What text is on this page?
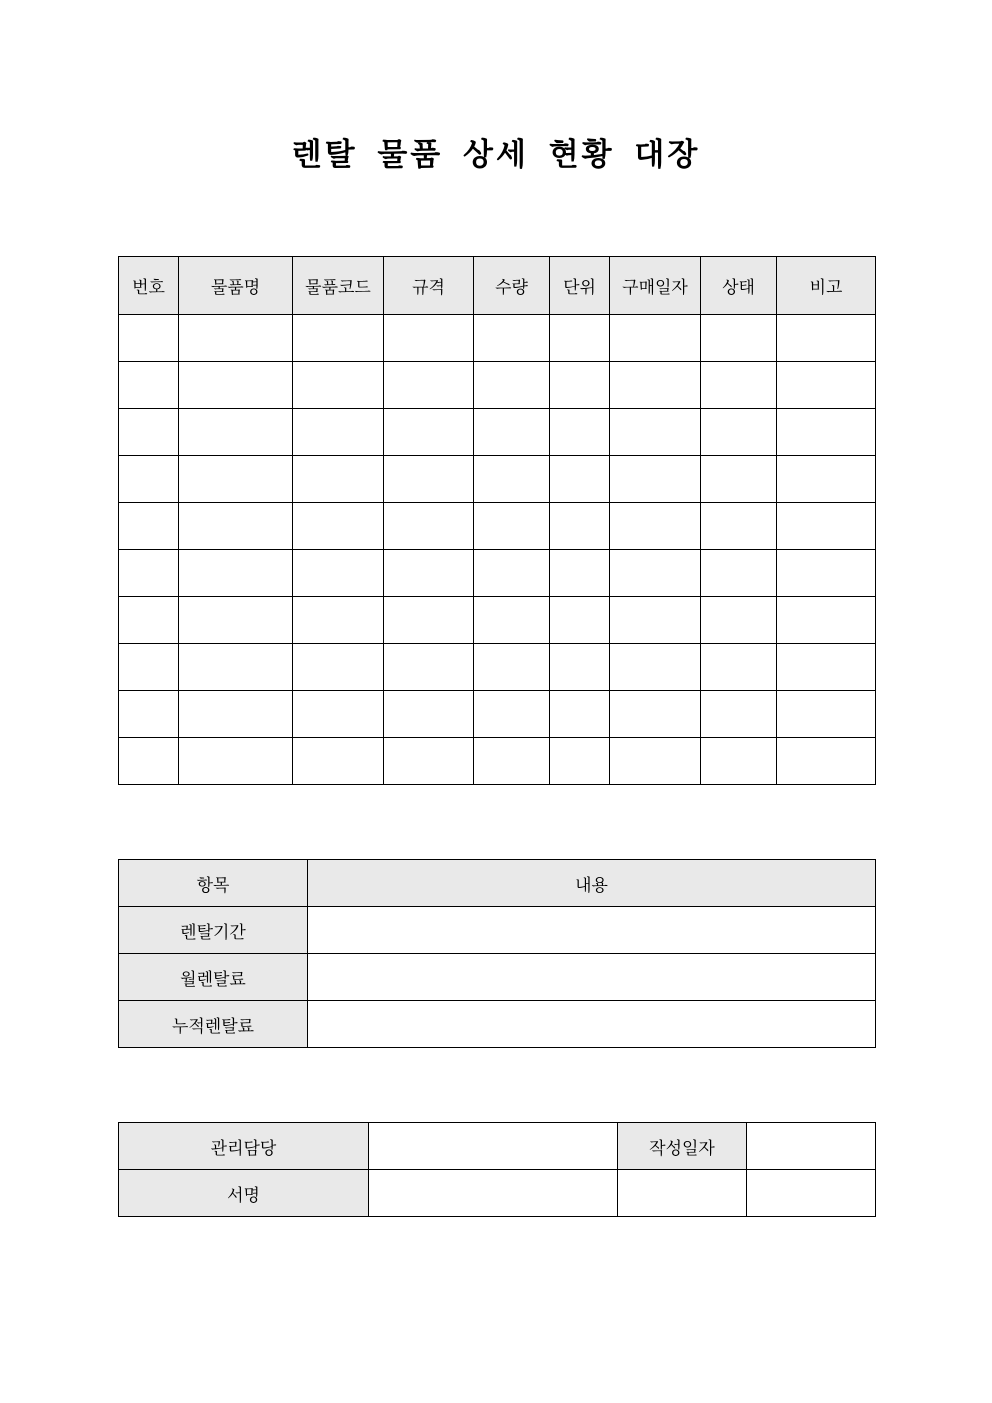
렌탈 물품 상세 현황 대장
번호	물품명	물품코드	규격	수량	단위	구매일자	상태	비고

항목	내용
렌탈기간	
월렌탈료	
누적렌탈료	
관리담당		작성일자	
서명			
